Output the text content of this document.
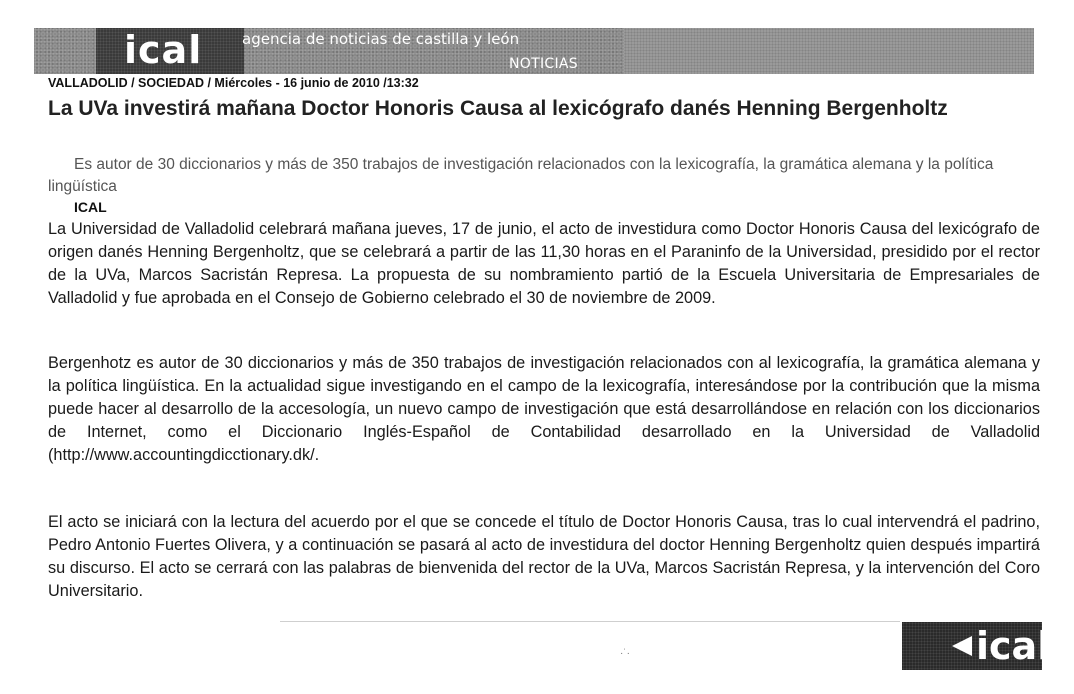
ical	agencia de noticias de castilla y león
NOTICIAS
VALLADOLID / SOCIEDAD / Miércoles - 16 junio de 2010 /13:32
La UVa investirá mañana Doctor Honoris Causa al lexicógrafo danés Henning Bergenholtz

Es autor de 30 diccionarios y más de 350 trabajos de investigación relacionados con la lexicografía, la gramática alemana y la política lingüística

ICAL

La Universidad de Valladolid celebrará mañana jueves, 17 de junio, el acto de investidura como Doctor Honoris Causa del lexicógrafo de origen danés Henning Bergenholtz, que se celebrará a partir de las 11,30 horas en el Paraninfo de la Universidad, presidido por el rector de la UVa, Marcos Sacristán Represa. La propuesta de su nombramiento partió de la Escuela Universitaria de Empresariales de Valladolid y fue aprobada en el Consejo de Gobierno celebrado el 30 de noviembre de 2009.

Bergenhotz es autor de 30 diccionarios y más de 350 trabajos de investigación relacionados con al lexicografía, la gramática alemana y la política lingüística. En la actualidad sigue investigando en el campo de la lexicografía, interesándose por la contribución que la misma puede hacer al desarrollo de la accesología, un nuevo campo de investigación que está desarrollándose en relación con los diccionarios de Internet, como el Diccionario Inglés-Español de Contabilidad desarrollado en la Universidad de Valladolid (http://www.accountingdicctionary.dk/.

El acto se iniciará con la lectura del acuerdo por el que se concede el título de Doctor Honoris Causa, tras lo cual intervendrá el padrino, Pedro Antonio Fuertes Olivera, y a continuación se pasará al acto de investidura del doctor Henning Bergenholtz quien después impartirá su discurso. El acto se cerrará con las palabras de bienvenida del rector de la UVa, Marcos Sacristán Represa, y la intervención del Coro Universitario.

·˙·	ical
